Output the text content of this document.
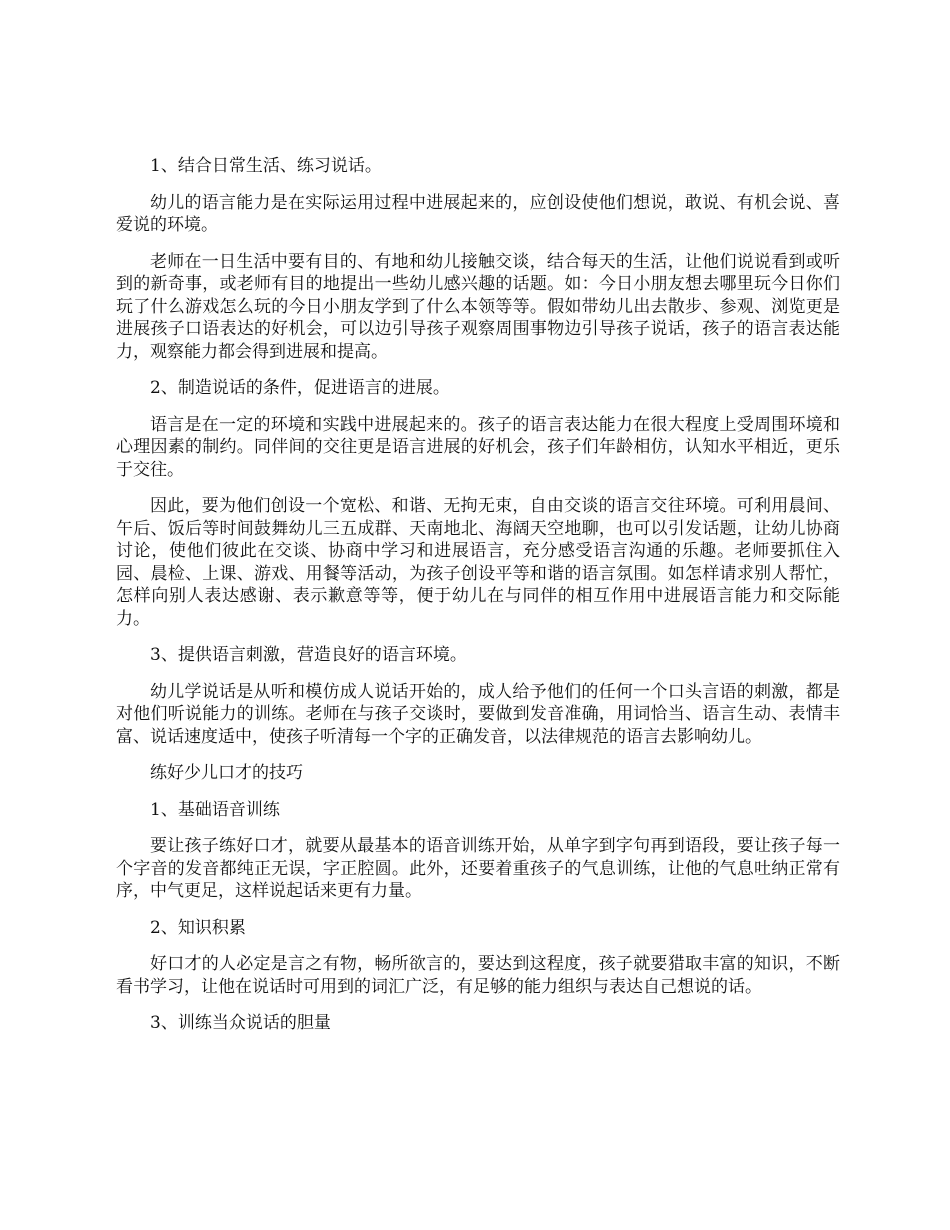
1、结合日常生活、练习说话。

幼儿的语言能力是在实际运用过程中进展起来的，应创设使他们想说，敢说、有机会说、喜爱说的环境。

老师在一日生活中要有目的、有地和幼儿接触交谈，结合每天的生活，让他们说说看到或听到的新奇事，或老师有目的地提出一些幼儿感兴趣的话题。如：今日小朋友想去哪里玩今日你们玩了什么游戏怎么玩的今日小朋友学到了什么本领等等。假如带幼儿出去散步、参观、浏览更是进展孩子口语表达的好机会，可以边引导孩子观察周围事物边引导孩子说话，孩子的语言表达能力，观察能力都会得到进展和提高。

2、制造说话的条件，促进语言的进展。

语言是在一定的环境和实践中进展起来的。孩子的语言表达能力在很大程度上受周围环境和心理因素的制约。同伴间的交往更是语言进展的好机会，孩子们年龄相仿，认知水平相近，更乐于交往。

因此，要为他们创设一个宽松、和谐、无拘无束，自由交谈的语言交往环境。可利用晨间、午后、饭后等时间鼓舞幼儿三五成群、天南地北、海阔天空地聊，也可以引发话题，让幼儿协商讨论，使他们彼此在交谈、协商中学习和进展语言，充分感受语言沟通的乐趣。老师要抓住入园、晨检、上课、游戏、用餐等活动，为孩子创设平等和谐的语言氛围。如怎样请求别人帮忙，怎样向别人表达感谢、表示歉意等等，便于幼儿在与同伴的相互作用中进展语言能力和交际能力。

3、提供语言刺激，营造良好的语言环境。

幼儿学说话是从听和模仿成人说话开始的，成人给予他们的任何一个口头言语的刺激，都是对他们听说能力的训练。老师在与孩子交谈时，要做到发音准确，用词恰当、语言生动、表情丰富、说话速度适中，使孩子听清每一个字的正确发音，以法律规范的语言去影响幼儿。

练好少儿口才的技巧

1、基础语音训练

要让孩子练好口才，就要从最基本的语音训练开始，从单字到字句再到语段，要让孩子每一个字音的发音都纯正无误，字正腔圆。此外，还要着重孩子的气息训练，让他的气息吐纳正常有序，中气更足，这样说起话来更有力量。

2、知识积累

好口才的人必定是言之有物，畅所欲言的，要达到这程度，孩子就要猎取丰富的知识，不断看书学习，让他在说话时可用到的词汇广泛，有足够的能力组织与表达自己想说的话。

3、训练当众说话的胆量
